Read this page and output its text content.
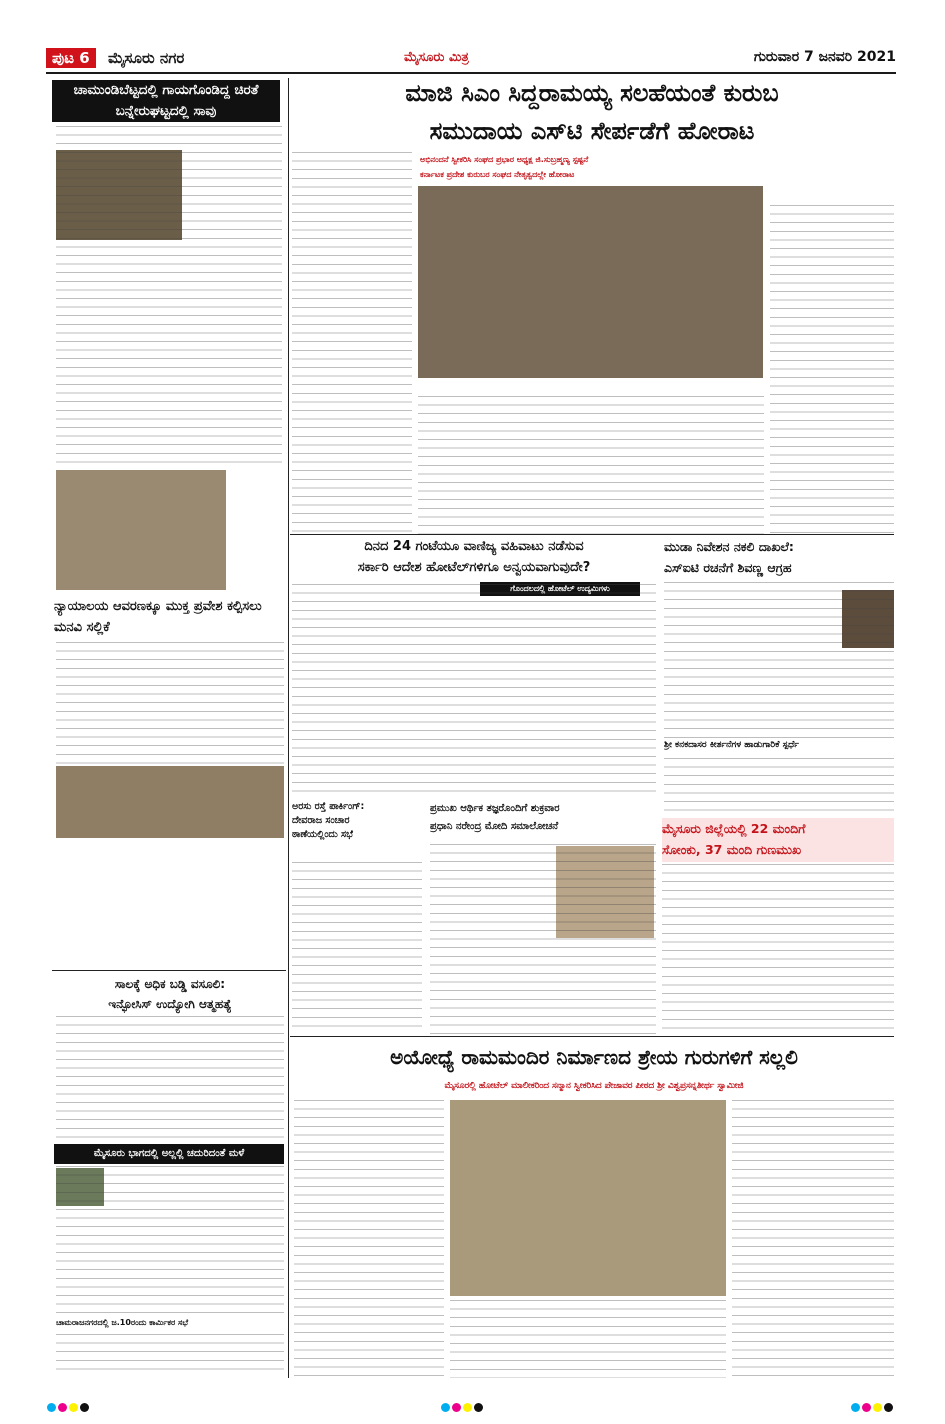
ಪುಟ 6	ಮೈಸೂರು ನಗರ	ಮೈಸೂರು ಮಿತ್ರ	ಗುರುವಾರ 7 ಜನವರಿ 2021
ಚಾಮುಂಡಿಬೆಟ್ಟದಲ್ಲಿ ಗಾಯಗೊಂಡಿದ್ದ ಚಿರತೆ ಬನ್ನೇರುಘಟ್ಟದಲ್ಲಿ ಸಾವು
ಮಾಜಿ ಸಿಎಂ ಸಿದ್ದರಾಮಯ್ಯ ಸಲಹೆಯಂತೆ ಕುರುಬ
ಸಮುದಾಯ ಎಸ್‌ಟಿ ಸೇರ್ಪಡೆಗೆ ಹೋರಾಟ
ಅಭಿನಂದನೆ ಸ್ವೀಕರಿಸಿ ಸಂಘದ ಪ್ರಭಾರ ಅಧ್ಯಕ್ಷ ಜಿ.ಸುಬ್ರಹ್ಮಣ್ಯ ಸ್ಪಷ್ಟನೆ
ಕರ್ನಾಟಕ ಪ್ರದೇಶ ಕುರುಬರ ಸಂಘದ ನೇತೃತ್ವದಲ್ಲೇ ಹೋರಾಟ
ನ್ಯಾಯಾಲಯ ಆವರಣಕ್ಕೂ ಮುಕ್ತ ಪ್ರವೇಶ ಕಲ್ಪಿಸಲು ಮನವಿ ಸಲ್ಲಿಕೆ
ದಿನದ 24 ಗಂಟೆಯೂ ವಾಣಿಜ್ಯ ವಹಿವಾಟು ನಡೆಸುವ
ಸರ್ಕಾರಿ ಆದೇಶ ಹೋಟೆಲ್‌ಗಳಿಗೂ ಅನ್ವಯವಾಗುವುದೇ?
ಗೊಂದಲದಲ್ಲಿ ಹೋಟೆಲ್ ಉದ್ಯಮಿಗಳು
ಮುಡಾ ನಿವೇಶನ ನಕಲಿ ದಾಖಲೆ:
ಎಸ್‌ಐಟಿ ರಚನೆಗೆ ಶಿವಣ್ಣ ಆಗ್ರಹ
ಶ್ರೀ ಕನಕದಾಸರ ಕೀರ್ತನೆಗಳ ಹಾಡುಗಾರಿಕೆ ಸ್ಪರ್ಧೆ
ಮೈಸೂರು ಜಿಲ್ಲೆಯಲ್ಲಿ 22 ಮಂದಿಗೆ
ಸೋಂಕು, 37 ಮಂದಿ ಗುಣಮುಖ
ಅರಸು ರಸ್ತೆ ಪಾರ್ಕಿಂಗ್:
ದೇವರಾಜ ಸಂಚಾರ
ಠಾಣೆಯಲ್ಲಿಂದು ಸಭೆ
ಪ್ರಮುಖ ಆರ್ಥಿಕ ತಜ್ಞರೊಂದಿಗೆ ಶುಕ್ರವಾರ
ಪ್ರಧಾನಿ ನರೇಂದ್ರ ಮೋದಿ ಸಮಾಲೋಚನೆ
ಸಾಲಕ್ಕೆ ಅಧಿಕ ಬಡ್ಡಿ ವಸೂಲಿ:
ಇನ್ಫೋಸಿಸ್ ಉದ್ಯೋಗಿ ಆತ್ಮಹತ್ಯೆ
ಮೈಸೂರು ಭಾಗದಲ್ಲಿ ಅಲ್ಲಲ್ಲಿ ಚದುರಿದಂತೆ ಮಳೆ
ಚಾಮರಾಜನಗರದಲ್ಲಿ ಜ.10ರಂದು ಕಾರ್ಮಿಕರ ಸಭೆ
ಅಯೋಧ್ಯೆ ರಾಮಮಂದಿರ ನಿರ್ಮಾಣದ ಶ್ರೇಯ ಗುರುಗಳಿಗೆ ಸಲ್ಲಲಿ
ಮೈಸೂರಲ್ಲಿ ಹೋಟೆಲ್ ಮಾಲೀಕರಿಂದ ಸನ್ಮಾನ ಸ್ವೀಕರಿಸಿದ ಪೇಜಾವರ ಪೀಠದ ಶ್ರೀ ವಿಶ್ವಪ್ರಸನ್ನತೀರ್ಥ ಸ್ವಾಮೀಜಿ
